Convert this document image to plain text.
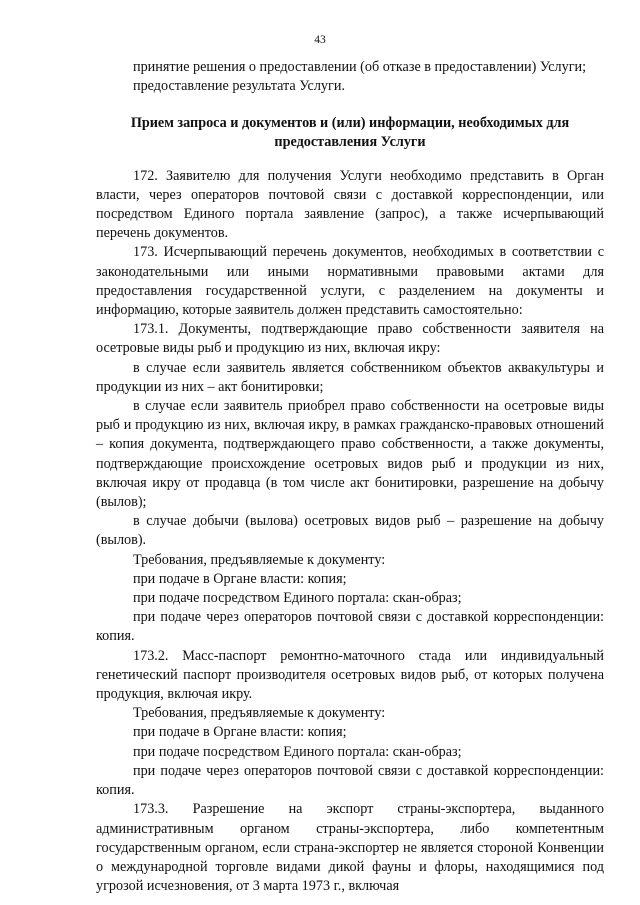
43

принятие решения о предоставлении (об отказе в предоставлении) Услуги;

предоставление результата Услуги.

Прием запроса и документов и (или) информации, необходимых для предоставления Услуги

172. Заявителю для получения Услуги необходимо представить в Орган власти, через операторов почтовой связи с доставкой корреспонденции, или посредством Единого портала заявление (запрос), а также исчерпывающий перечень документов.

173. Исчерпывающий перечень документов, необходимых в соответствии с законодательными или иными нормативными правовыми актами для предоставления государственной услуги, с разделением на документы и информацию, которые заявитель должен представить самостоятельно:

173.1. Документы, подтверждающие право собственности заявителя на осетровые виды рыб и продукцию из них, включая икру:

в случае если заявитель является собственником объектов аквакультуры и продукции из них – акт бонитировки;

в случае если заявитель приобрел право собственности на осетровые виды рыб и продукцию из них, включая икру, в рамках гражданско-правовых отношений – копия документа, подтверждающего право собственности, а также документы, подтверждающие происхождение осетровых видов рыб и продукции из них, включая икру от продавца (в том числе акт бонитировки, разрешение на добычу (вылов);

в случае добычи (вылова) осетровых видов рыб – разрешение на добычу (вылов).

Требования, предъявляемые к документу:

при подаче в Органе власти: копия;

при подаче посредством Единого портала: скан-образ;

при подаче через операторов почтовой связи с доставкой корреспонденции: копия.

173.2. Масс-паспорт ремонтно-маточного стада или индивидуальный генетический паспорт производителя осетровых видов рыб, от которых получена продукция, включая икру.

Требования, предъявляемые к документу:

при подаче в Органе власти: копия;

при подаче посредством Единого портала: скан-образ;

при подаче через операторов почтовой связи с доставкой корреспонденции: копия.

173.3. Разрешение на экспорт страны-экспортера, выданного административным органом страны-экспортера, либо компетентным государственным органом, если страна-экспортер не является стороной Конвенции о международной торговле видами дикой фауны и флоры, находящимися под угрозой исчезновения, от 3 марта 1973 г., включая
